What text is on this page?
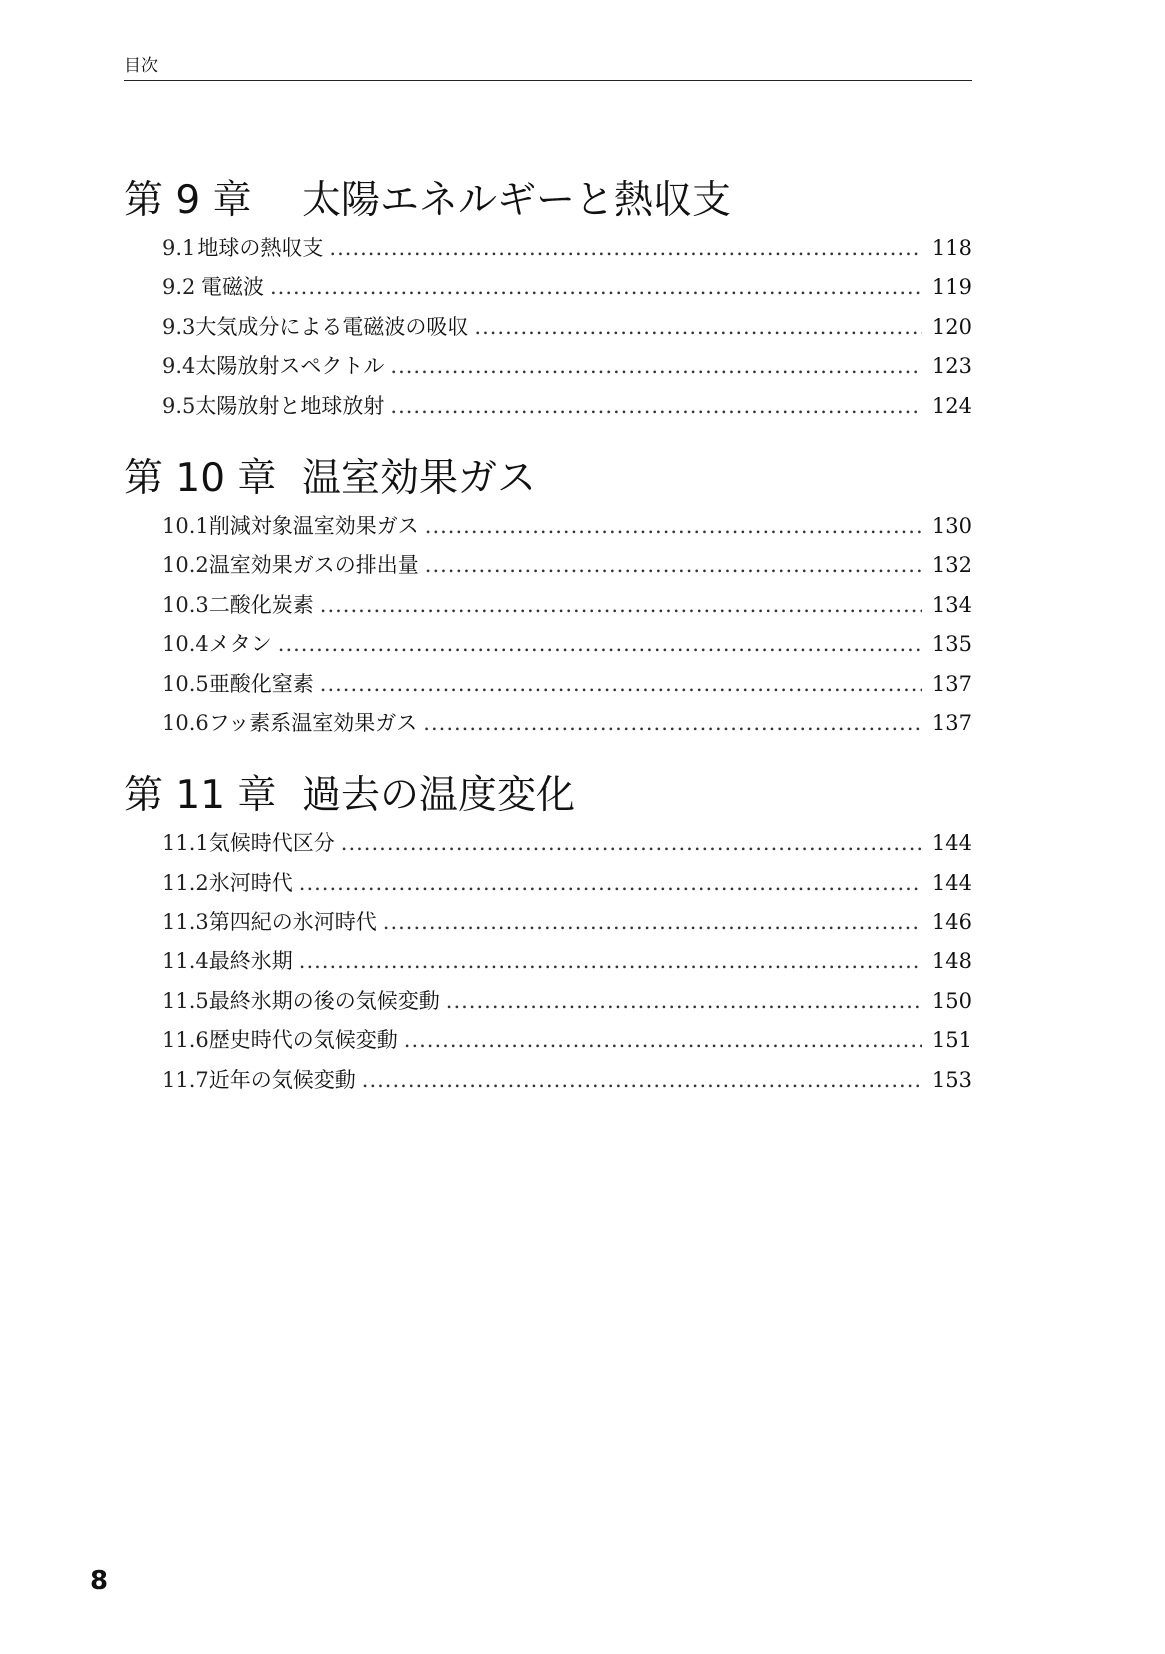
目次
第 9 章	太陽エネルギーと熱収支
9.1 地球の熱収支 .....	118
9.2 電磁波 .....	119
9.3 大気成分による電磁波の吸収 .....	120
9.4 太陽放射スペクトル .....	123
9.5 太陽放射と地球放射 .....	124
第 10 章 温室効果ガス
10.1 削減対象温室効果ガス .....	130
10.2 温室効果ガスの排出量 .....	132
10.3 二酸化炭素 .....	134
10.4 メタン .....	135
10.5 亜酸化窒素 .....	137
10.6 フッ素系温室効果ガス .....	137
第 11 章 過去の温度変化
11.1 気候時代区分 .....	144
11.2 氷河時代 .....	144
11.3 第四紀の氷河時代 .....	146
11.4 最終氷期 .....	148
11.5 最終氷期の後の気候変動 .....	150
11.6 歴史時代の気候変動 .....	151
11.7 近年の気候変動 .....	153
8
